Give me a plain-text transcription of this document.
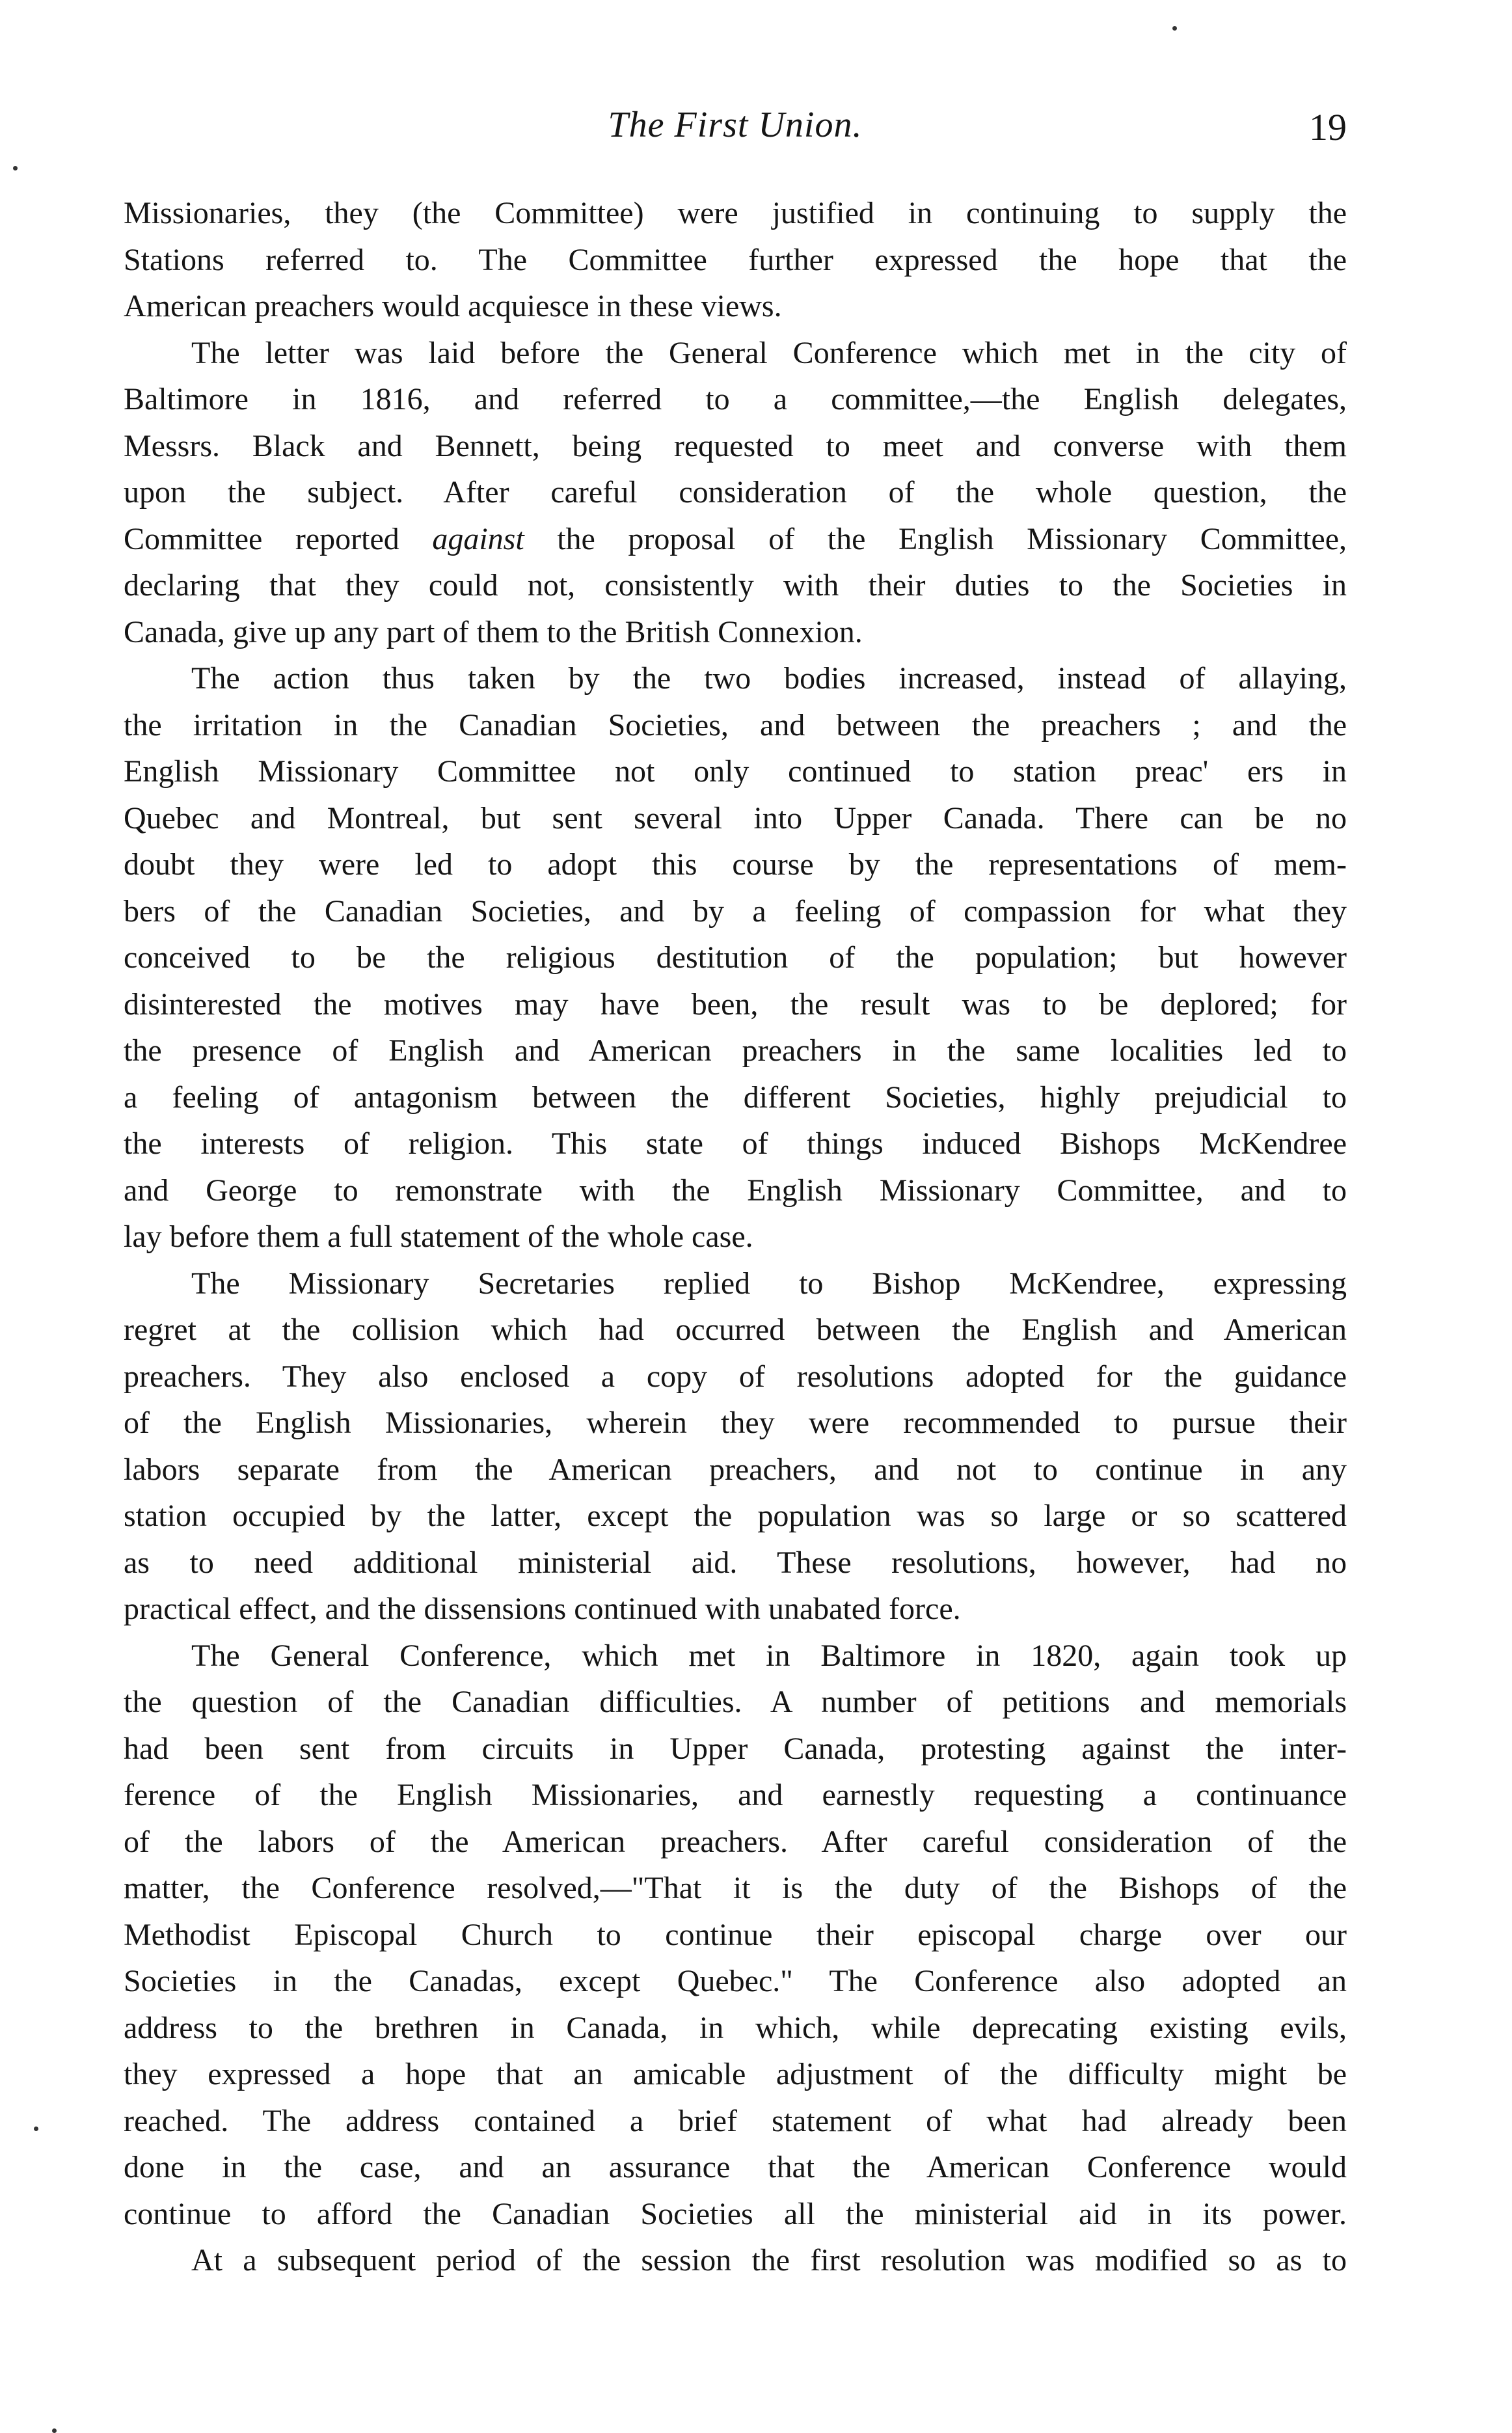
The First Union.	19
Missionaries, they (the Committee) were justified in continuing to supply the
Stations referred to. The Committee further expressed the hope that the
American preachers would acquiesce in these views.
The letter was laid before the General Conference which met in the city of
Baltimore in 1816, and referred to a committee,—the English delegates,
Messrs. Black and Bennett, being requested to meet and converse with them
upon the subject. After careful consideration of the whole question, the
Committee reported against the proposal of the English Missionary Committee,
declaring that they could not, consistently with their duties to the Societies in
Canada, give up any part of them to the British Connexion.
The action thus taken by the two bodies increased, instead of allaying,
the irritation in the Canadian Societies, and between the preachers ; and the
English Missionary Committee not only continued to station preac' ers in
Quebec and Montreal, but sent several into Upper Canada. There can be no
doubt they were led to adopt this course by the representations of mem-
bers of the Canadian Societies, and by a feeling of compassion for what they
conceived to be the religious destitution of the population; but however
disinterested the motives may have been, the result was to be deplored; for
the presence of English and American preachers in the same localities led to
a feeling of antagonism between the different Societies, highly prejudicial to
the interests of religion. This state of things induced Bishops McKendree
and George to remonstrate with the English Missionary Committee, and to
lay before them a full statement of the whole case.
The Missionary Secretaries replied to Bishop McKendree, expressing
regret at the collision which had occurred between the English and American
preachers. They also enclosed a copy of resolutions adopted for the guidance
of the English Missionaries, wherein they were recommended to pursue their
labors separate from the American preachers, and not to continue in any
station occupied by the latter, except the population was so large or so scattered
as to need additional ministerial aid. These resolutions, however, had no
practical effect, and the dissensions continued with unabated force.
The General Conference, which met in Baltimore in 1820, again took up
the question of the Canadian difficulties. A number of petitions and memorials
had been sent from circuits in Upper Canada, protesting against the inter-
ference of the English Missionaries, and earnestly requesting a continuance
of the labors of the American preachers. After careful consideration of the
matter, the Conference resolved,—"That it is the duty of the Bishops of the
Methodist Episcopal Church to continue their episcopal charge over our
Societies in the Canadas, except Quebec." The Conference also adopted an
address to the brethren in Canada, in which, while deprecating existing evils,
they expressed a hope that an amicable adjustment of the difficulty might be
reached. The address contained a brief statement of what had already been
done in the case, and an assurance that the American Conference would
continue to afford the Canadian Societies all the ministerial aid in its power.
At a subsequent period of the session the first resolution was modified so as to
